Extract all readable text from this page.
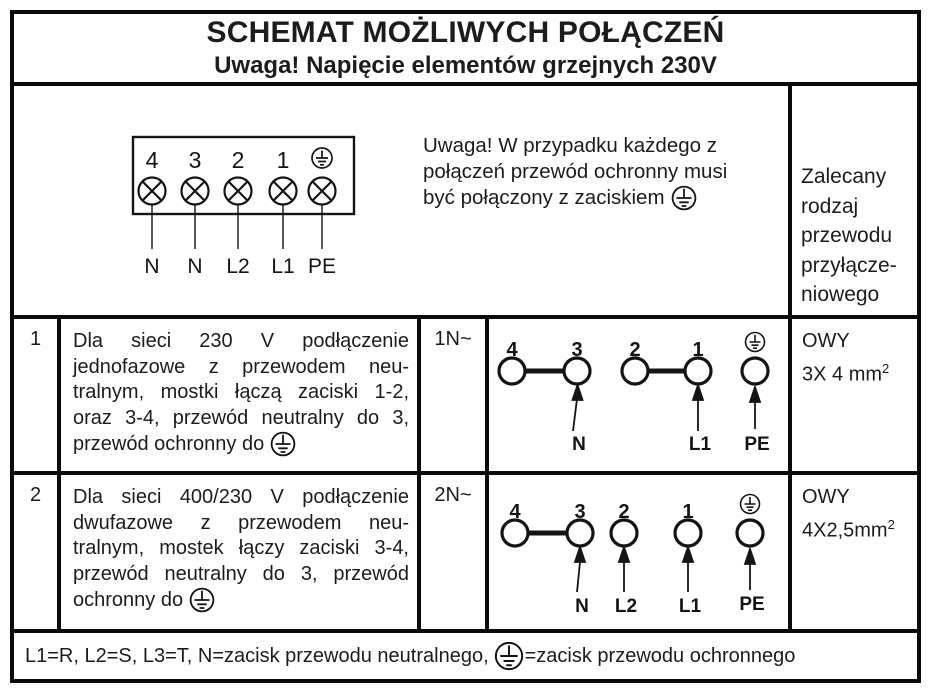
SCHEMAT MOŻLIWYCH POŁĄCZEŃ
Uwaga! Napięcie elementów grzejnych 230V
4 3 2 1
N N L2 L1 PE
Uwaga! W przypadku każdego z
połączeń przewód ochronny musi
być połączony z zaciskiem
Zalecany
rodzaj
przewodu
przyłącze-
niowego
1 Dla sieci 230 V podłączenie
jednofazowe z przewodem neu-
tralnym, mostki łączą zaciski 1-2,
oraz 3-4, przewód neutralny do 3,
przewód ochronny do
1N~ 4	3 2	1
N	L1 PE
OWY
3X 4 $mm^2$
2 Dla sieci 400/230 V podłączenie
dwufazowe z przewodem neu-
tralnym, mostek łączy zaciski 3-4,
przewód neutralny do 3, przewód
ochronny do
2N~
4	3 2	1
N L2 L1 PE
OWY
$4X2,5mm^2$
L1=R, L2=S, L3=T, N=zacisk przewodu neutralnego, =zacisk przewodu ochronnego
